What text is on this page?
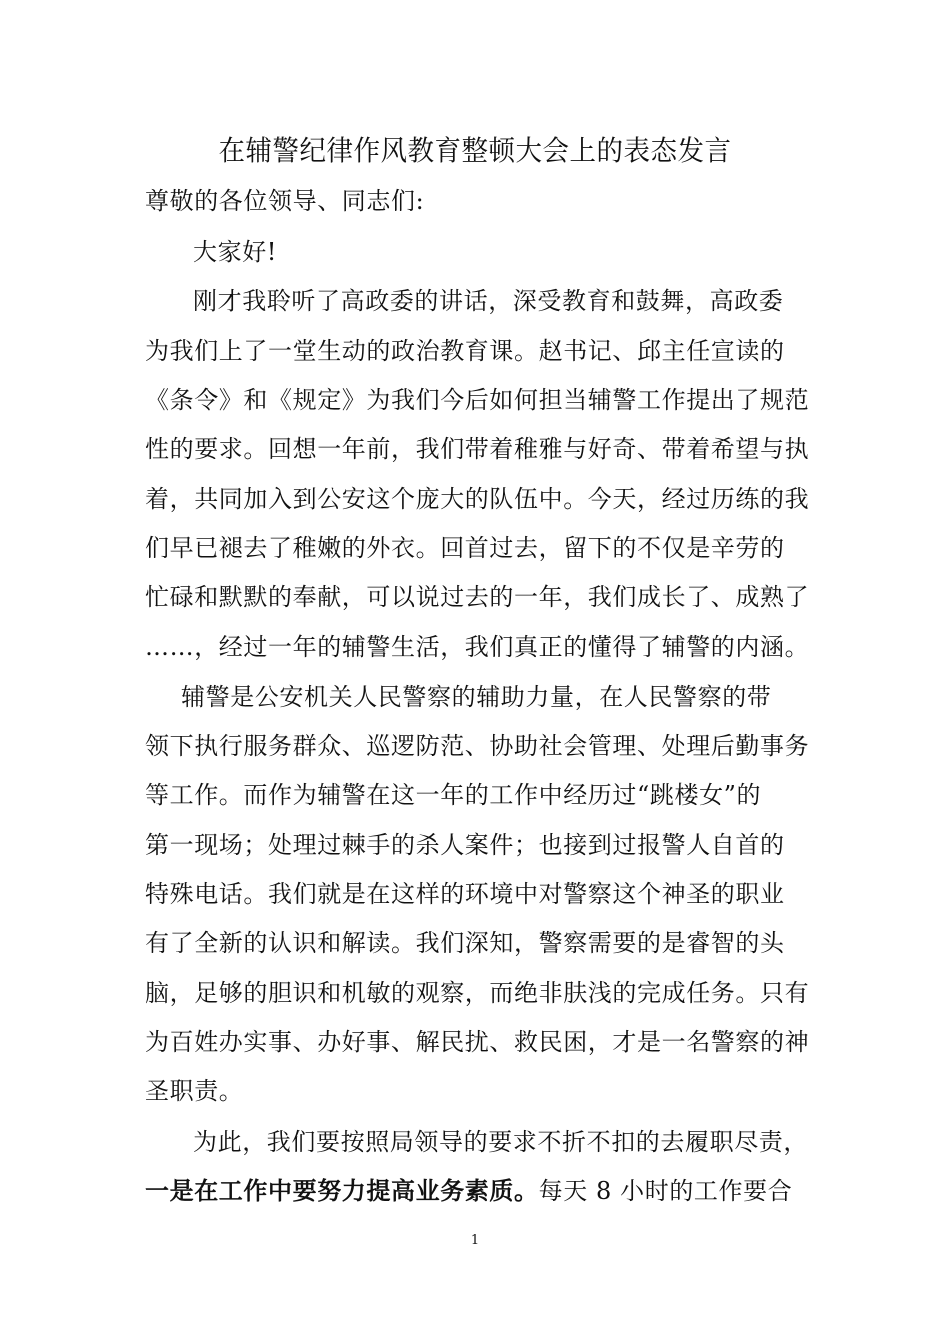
在辅警纪律作风教育整顿大会上的表态发言
尊敬的各位领导、同志们:
大家好!
刚才我聆听了高政委的讲话，深受教育和鼓舞，高政委
为我们上了一堂生动的政治教育课。赵书记、邱主任宣读的
《条令》和《规定》为我们今后如何担当辅警工作提出了规范
性的要求。回想一年前，我们带着稚雅与好奇、带着希望与执
着，共同加入到公安这个庞大的队伍中。今天，经过历练的我
们早已褪去了稚嫩的外衣。回首过去，留下的不仅是辛劳的
忙碌和默默的奉献，可以说过去的一年，我们成长了、成熟了
……，经过一年的辅警生活，我们真正的懂得了辅警的内涵。
辅警是公安机关人民警察的辅助力量，在人民警察的带
领下执行服务群众、巡逻防范、协助社会管理、处理后勤事务
等工作。而作为辅警在这一年的工作中经历过“跳楼女”的
第一现场；处理过棘手的杀人案件；也接到过报警人自首的
特殊电话。我们就是在这样的环境中对警察这个神圣的职业
有了全新的认识和解读。我们深知，警察需要的是睿智的头
脑，足够的胆识和机敏的观察，而绝非肤浅的完成任务。只有
为百姓办实事、办好事、解民扰、救民困，才是一名警察的神
圣职责。
为此，我们要按照局领导的要求不折不扣的去履职尽责，
一是在工作中要努力提高业务素质。每天 8 小时的工作要合
1
